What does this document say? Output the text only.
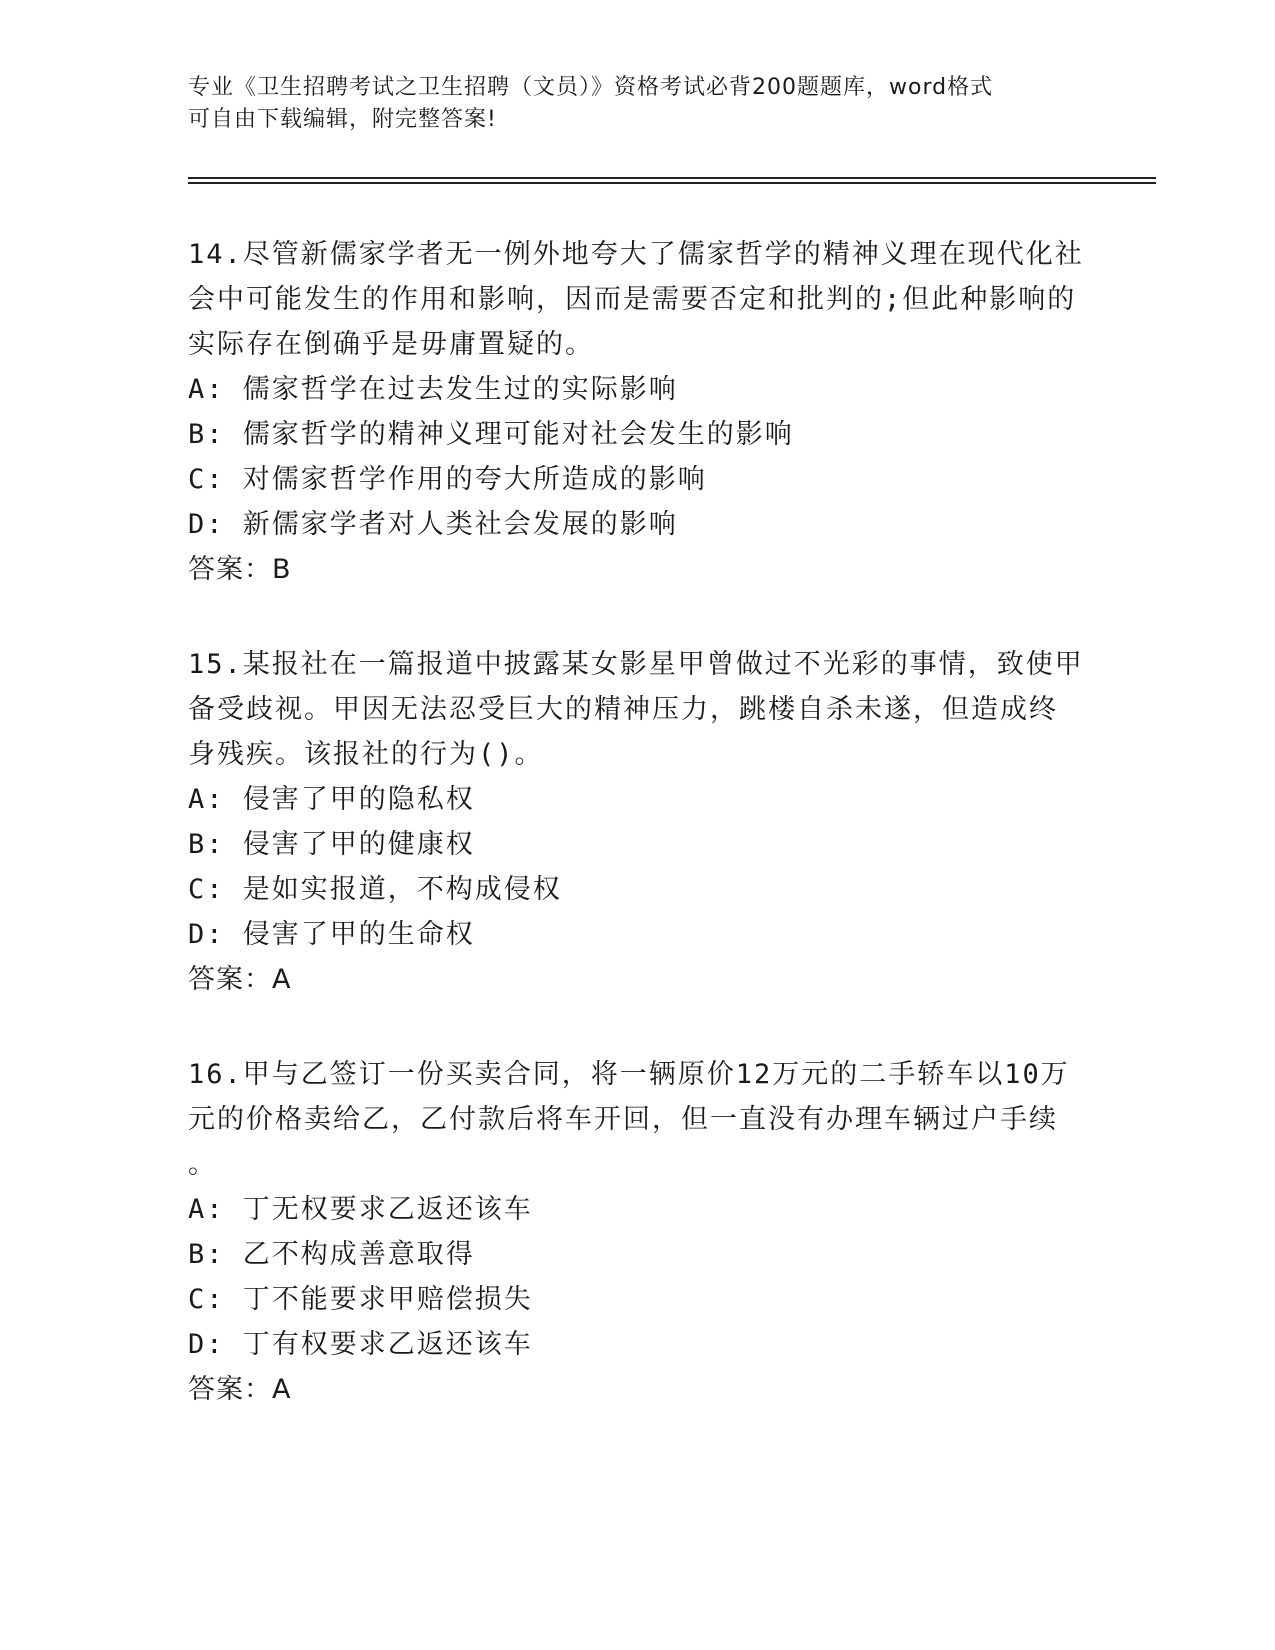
专业《卫生招聘考试之卫生招聘（文员）》资格考试必背200题题库，word格式
可自由下载编辑，附完整答案!

14.尽管新儒家学者无一例外地夸大了儒家哲学的精神义理在现代化社
会中可能发生的作用和影响，因而是需要否定和批判的;但此种影响的
实际存在倒确乎是毋庸置疑的。

A: 儒家哲学在过去发生过的实际影响
B: 儒家哲学的精神义理可能对社会发生的影响
C: 对儒家哲学作用的夸大所造成的影响
D: 新儒家学者对人类社会发展的影响
答案：B

15.某报社在一篇报道中披露某女影星甲曾做过不光彩的事情，致使甲
备受歧视。甲因无法忍受巨大的精神压力，跳楼自杀未遂，但造成终
身残疾。该报社的行为()。

A: 侵害了甲的隐私权
B: 侵害了甲的健康权
C: 是如实报道，不构成侵权
D: 侵害了甲的生命权
答案：A

16.甲与乙签订一份买卖合同，将一辆原价12万元的二手轿车以10万
元的价格卖给乙，乙付款后将车开回，但一直没有办理车辆过户手续
。

A: 丁无权要求乙返还该车
B: 乙不构成善意取得
C: 丁不能要求甲赔偿损失
D: 丁有权要求乙返还该车
答案：A
